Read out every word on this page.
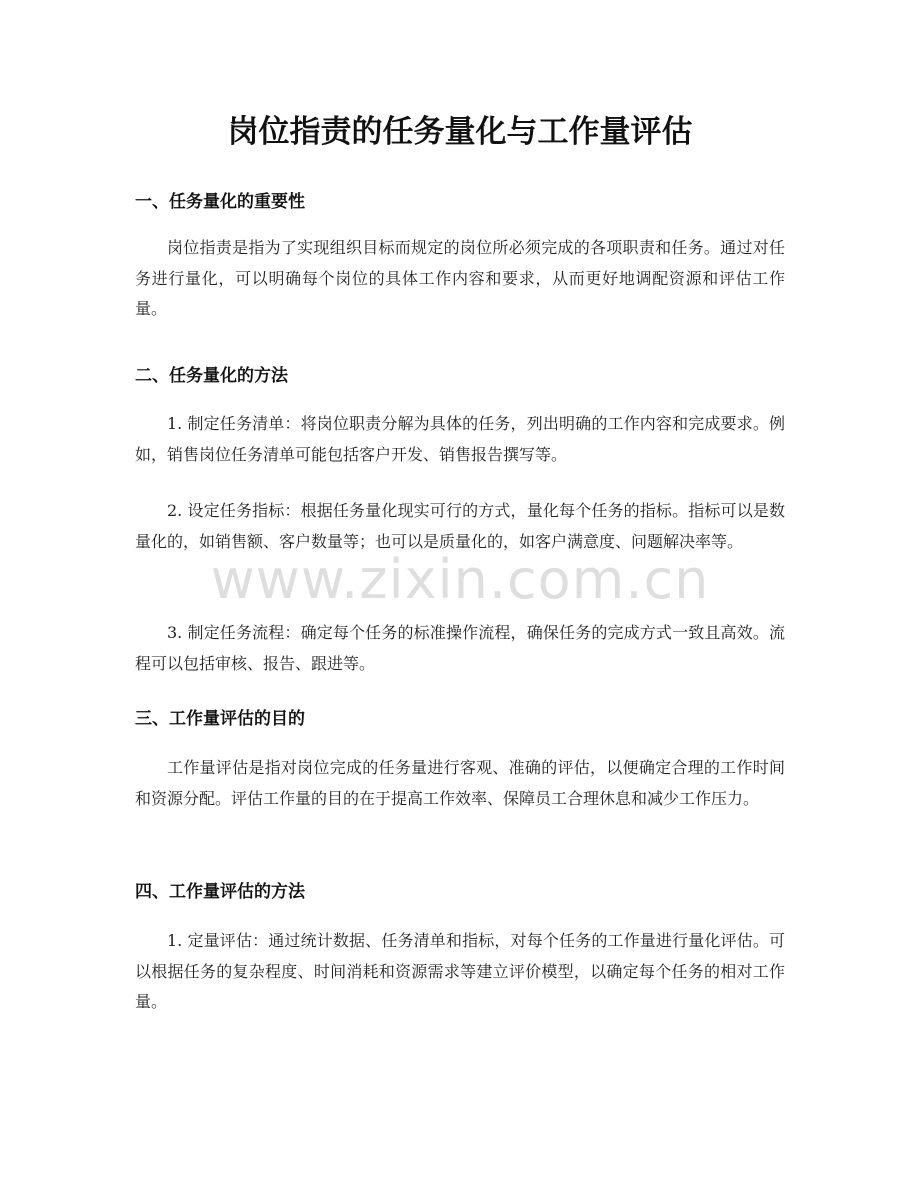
岗位指责的任务量化与工作量评估
一、任务量化的重要性

岗位指责是指为了实现组织目标而规定的岗位所必须完成的各项职责和任务。通过对任务进行量化，可以明确每个岗位的具体工作内容和要求，从而更好地调配资源和评估工作量。

二、任务量化的方法

1. 制定任务清单：将岗位职责分解为具体的任务，列出明确的工作内容和完成要求。例如，销售岗位任务清单可能包括客户开发、销售报告撰写等。

2. 设定任务指标：根据任务量化现实可行的方式，量化每个任务的指标。指标可以是数量化的，如销售额、客户数量等；也可以是质量化的，如客户满意度、问题解决率等。

3. 制定任务流程：确定每个任务的标准操作流程，确保任务的完成方式一致且高效。流程可以包括审核、报告、跟进等。

三、工作量评估的目的

工作量评估是指对岗位完成的任务量进行客观、准确的评估，以便确定合理的工作时间和资源分配。评估工作量的目的在于提高工作效率、保障员工合理休息和减少工作压力。

四、工作量评估的方法

1. 定量评估：通过统计数据、任务清单和指标，对每个任务的工作量进行量化评估。可以根据任务的复杂程度、时间消耗和资源需求等建立评价模型，以确定每个任务的相对工作量。

www.zixin.com.cn
